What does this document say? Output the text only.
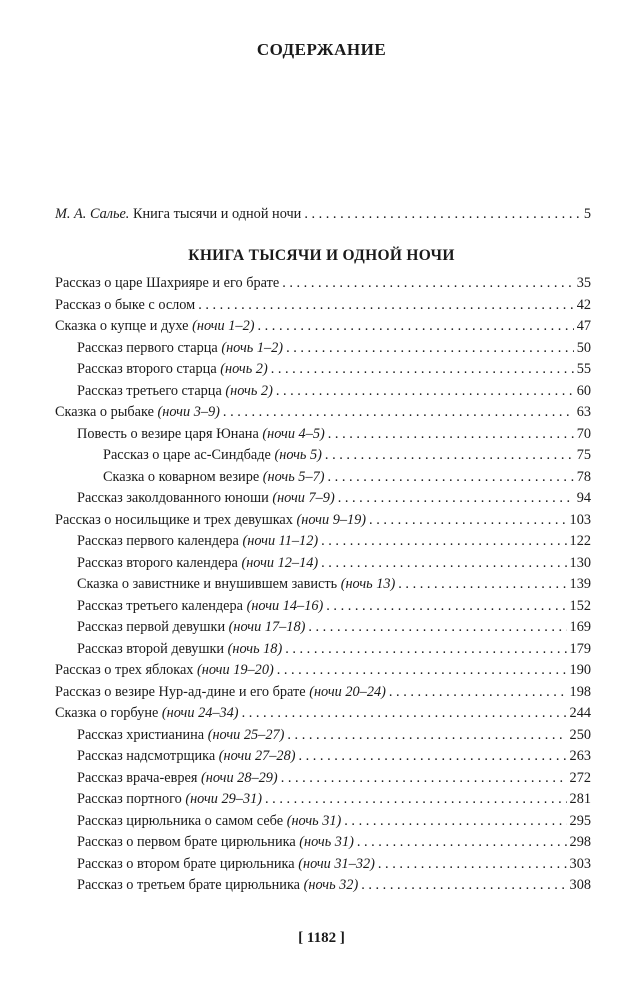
СОДЕРЖАНИЕ
М. А. Салье. Книга тысячи и одной ночи . . .	5
КНИГА ТЫСЯЧИ И ОДНОЙ НОЧИ
Рассказ о царе Шахрияре и его брате . . .	35
Рассказ о быке с ослом . . .	42
Сказка о купце и духе (ночи 1–2) . . .	47
Рассказ первого старца (ночь 1–2) . . .	50
Рассказ второго старца (ночь 2) . . .	55
Рассказ третьего старца (ночь 2) . . .	60
Сказка о рыбаке (ночи 3–9) . . .	63
Повесть о везире царя Юнана (ночи 4–5) . . .	70
Рассказ о царе ас-Синдбаде (ночь 5) . . .	75
Сказка о коварном везире (ночь 5–7) . . .	78
Рассказ заколдованного юноши (ночи 7–9) . . .	94
Рассказ о носильщике и трех девушках (ночи 9–19) . . .	103
Рассказ первого календера (ночи 11–12) . . .	122
Рассказ второго календера (ночи 12–14) . . .	130
Сказка о завистнике и внушившем зависть (ночь 13) . . .	139
Рассказ третьего календера (ночи 14–16) . . .	152
Рассказ первой девушки (ночи 17–18) . . .	169
Рассказ второй девушки (ночь 18) . . .	179
Рассказ о трех яблоках (ночи 19–20) . . .	190
Рассказ о везире Нур-ад-дине и его брате (ночи 20–24) . . .	198
Сказка о горбуне (ночи 24–34) . . .	244
Рассказ христианина (ночи 25–27) . . .	250
Рассказ надсмотрщика (ночи 27–28) . . .	263
Рассказ врача-еврея (ночи 28–29) . . .	272
Рассказ портного (ночи 29–31) . . .	281
Рассказ цирюльника о самом себе (ночь 31) . . .	295
Рассказ о первом брате цирюльника (ночь 31) . . .	298
Рассказ о втором брате цирюльника (ночи 31–32) . . .	303
Рассказ о третьем брате цирюльника (ночь 32) . . .	308
[ 1182 ]
